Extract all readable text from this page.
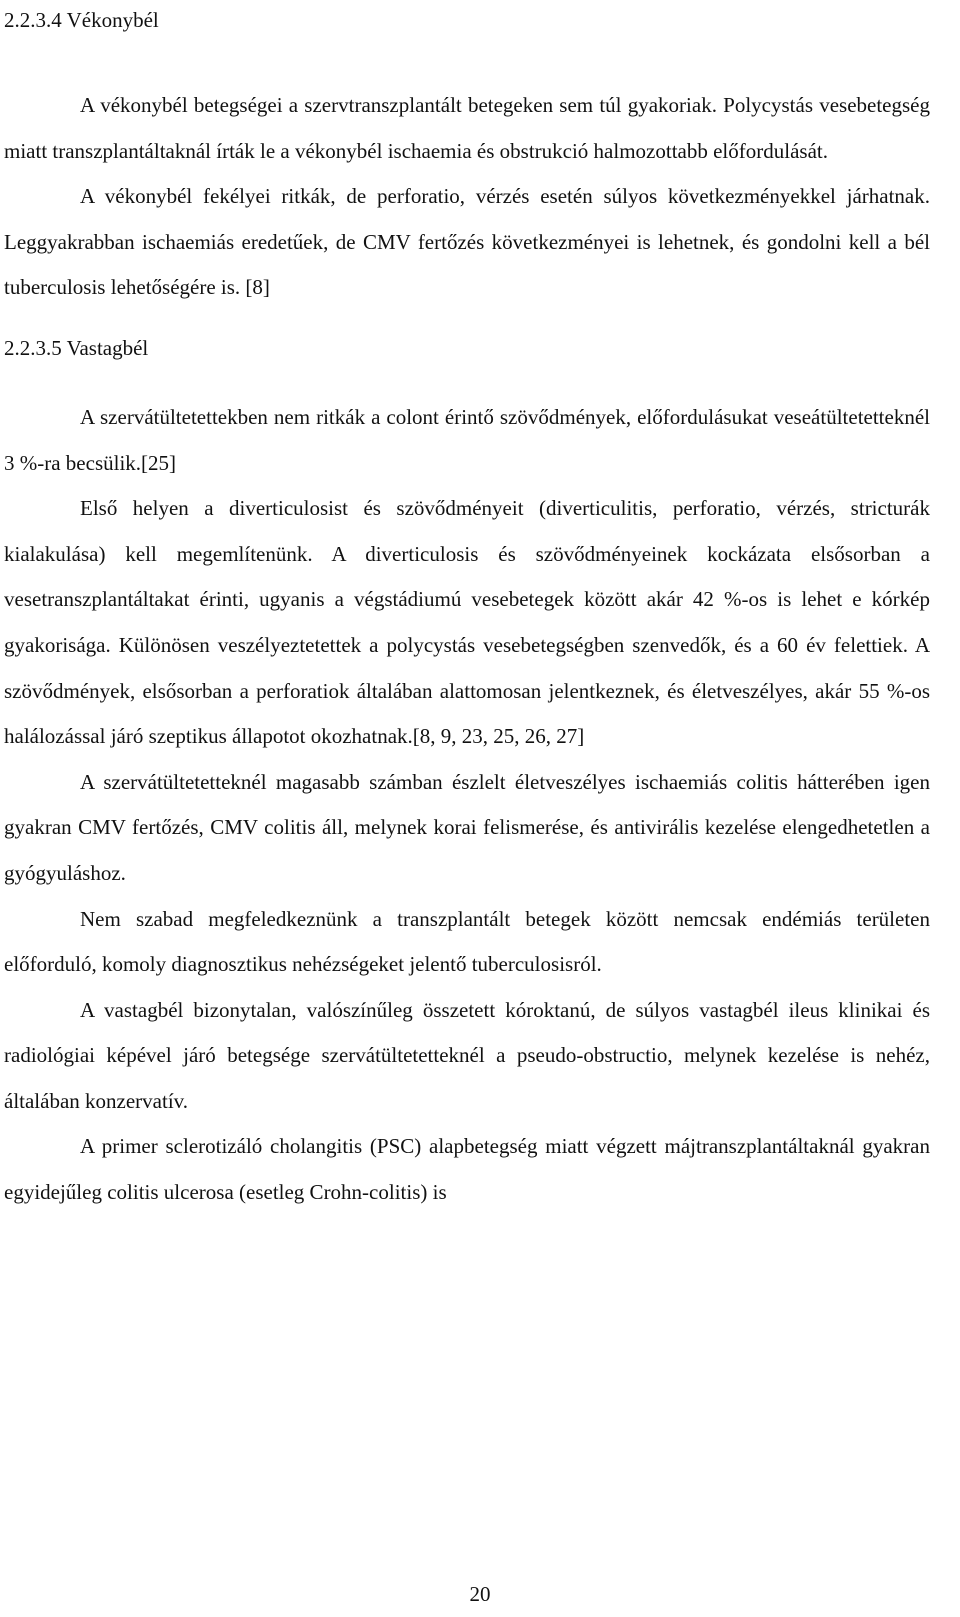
2.2.3.4 Vékonybél

A vékonybél betegségei a szervtranszplantált betegeken sem túl gyakoriak. Polycystás vesebetegség miatt transzplantáltaknál írták le a vékonybél ischaemia és obstrukció halmozottabb előfordulását.

A vékonybél fekélyei ritkák, de perforatio, vérzés esetén súlyos következményekkel járhatnak. Leggyakrabban ischaemiás eredetűek, de CMV fertőzés következményei is lehetnek, és gondolni kell a bél tuberculosis lehetőségére is. [8]

2.2.3.5 Vastagbél

A szervátültetettekben nem ritkák a colont érintő szövődmények, előfordulásukat veseátültetetteknél 3 %-ra becsülik.[25]

Első helyen a diverticulosist és szövődményeit (diverticulitis, perforatio, vérzés, stricturák kialakulása) kell megemlítenünk. A diverticulosis és szövődményeinek kockázata elsősorban a vesetranszplantáltakat érinti, ugyanis a végstádiumú vesebetegek között akár 42 %-os is lehet e kórkép gyakorisága. Különösen veszélyeztetettek a polycystás vesebetegségben szenvedők, és a 60 év felettiek. A szövődmények, elsősorban a perforatiok általában alattomosan jelentkeznek, és életveszélyes, akár 55 %-os halálozással járó szeptikus állapotot okozhatnak.[8, 9, 23, 25, 26, 27]

A szervátültetetteknél magasabb számban észlelt életveszélyes ischaemiás colitis hátterében igen gyakran CMV fertőzés, CMV colitis áll, melynek korai felismerése, és antivirális kezelése elengedhetetlen a gyógyuláshoz.

Nem szabad megfeledkeznünk a transzplantált betegek között nemcsak endémiás területen előforduló, komoly diagnosztikus nehézségeket jelentő tuberculosisról.

A vastagbél bizonytalan, valószínűleg összetett kóroktanú, de súlyos vastagbél ileus klinikai és radiológiai képével járó betegsége szervátültetetteknél a pseudo-obstructio, melynek kezelése is nehéz, általában konzervatív.

A primer sclerotizáló cholangitis (PSC) alapbetegség miatt végzett májtranszplantáltaknál gyakran egyidejűleg colitis ulcerosa (esetleg Crohn-colitis) is

20
